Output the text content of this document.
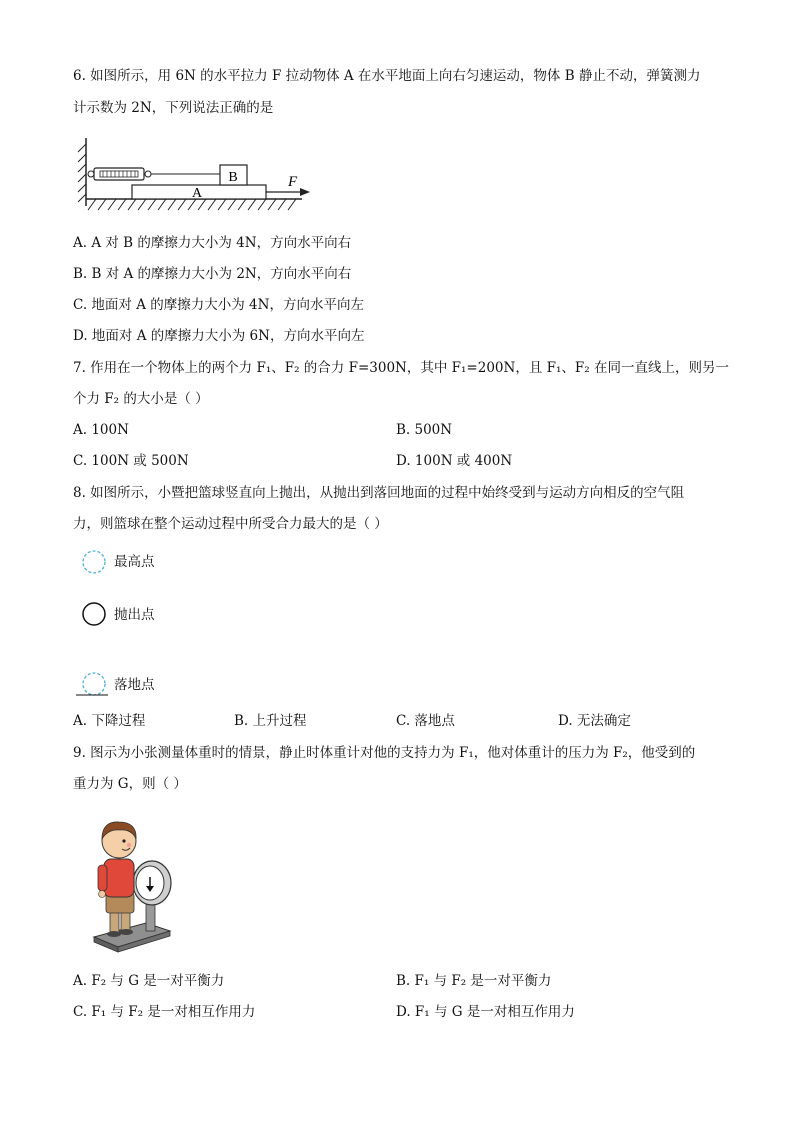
6. 如图所示，用 6N 的水平拉力 F 拉动物体 A 在水平地面上向右匀速运动，物体 B 静止不动，弹簧测力
计示数为 2N，下列说法正确的是
A
B	F
A. A 对 B 的摩擦力大小为 4N，方向水平向右
B. B 对 A 的摩擦力大小为 2N，方向水平向右
C. 地面对 A 的摩擦力大小为 4N，方向水平向左
D. 地面对 A 的摩擦力大小为 6N，方向水平向左
7. 作用在一个物体上的两个力 F₁、F₂ 的合力 F=300N，其中 F₁=200N，且 F₁、F₂ 在同一直线上，则另一
个力 F₂ 的大小是（ ）
A. 100N	B. 500N
C. 100N 或 500N	D. 100N 或 400N
8. 如图所示，小暨把篮球竖直向上抛出，从抛出到落回地面的过程中始终受到与运动方向相反的空气阻
力，则篮球在整个运动过程中所受合力最大的是（ ）
最高点
抛出点
落地点
A. 下降过程	B. 上升过程	C. 落地点	D. 无法确定
9. 图示为小张测量体重时的情景，静止时体重计对他的支持力为 F₁，他对体重计的压力为 F₂，他受到的
重力为 G，则（ ）
A. F₂ 与 G 是一对平衡力	B. F₁ 与 F₂ 是一对平衡力
C. F₁ 与 F₂ 是一对相互作用力	D. F₁ 与 G 是一对相互作用力
